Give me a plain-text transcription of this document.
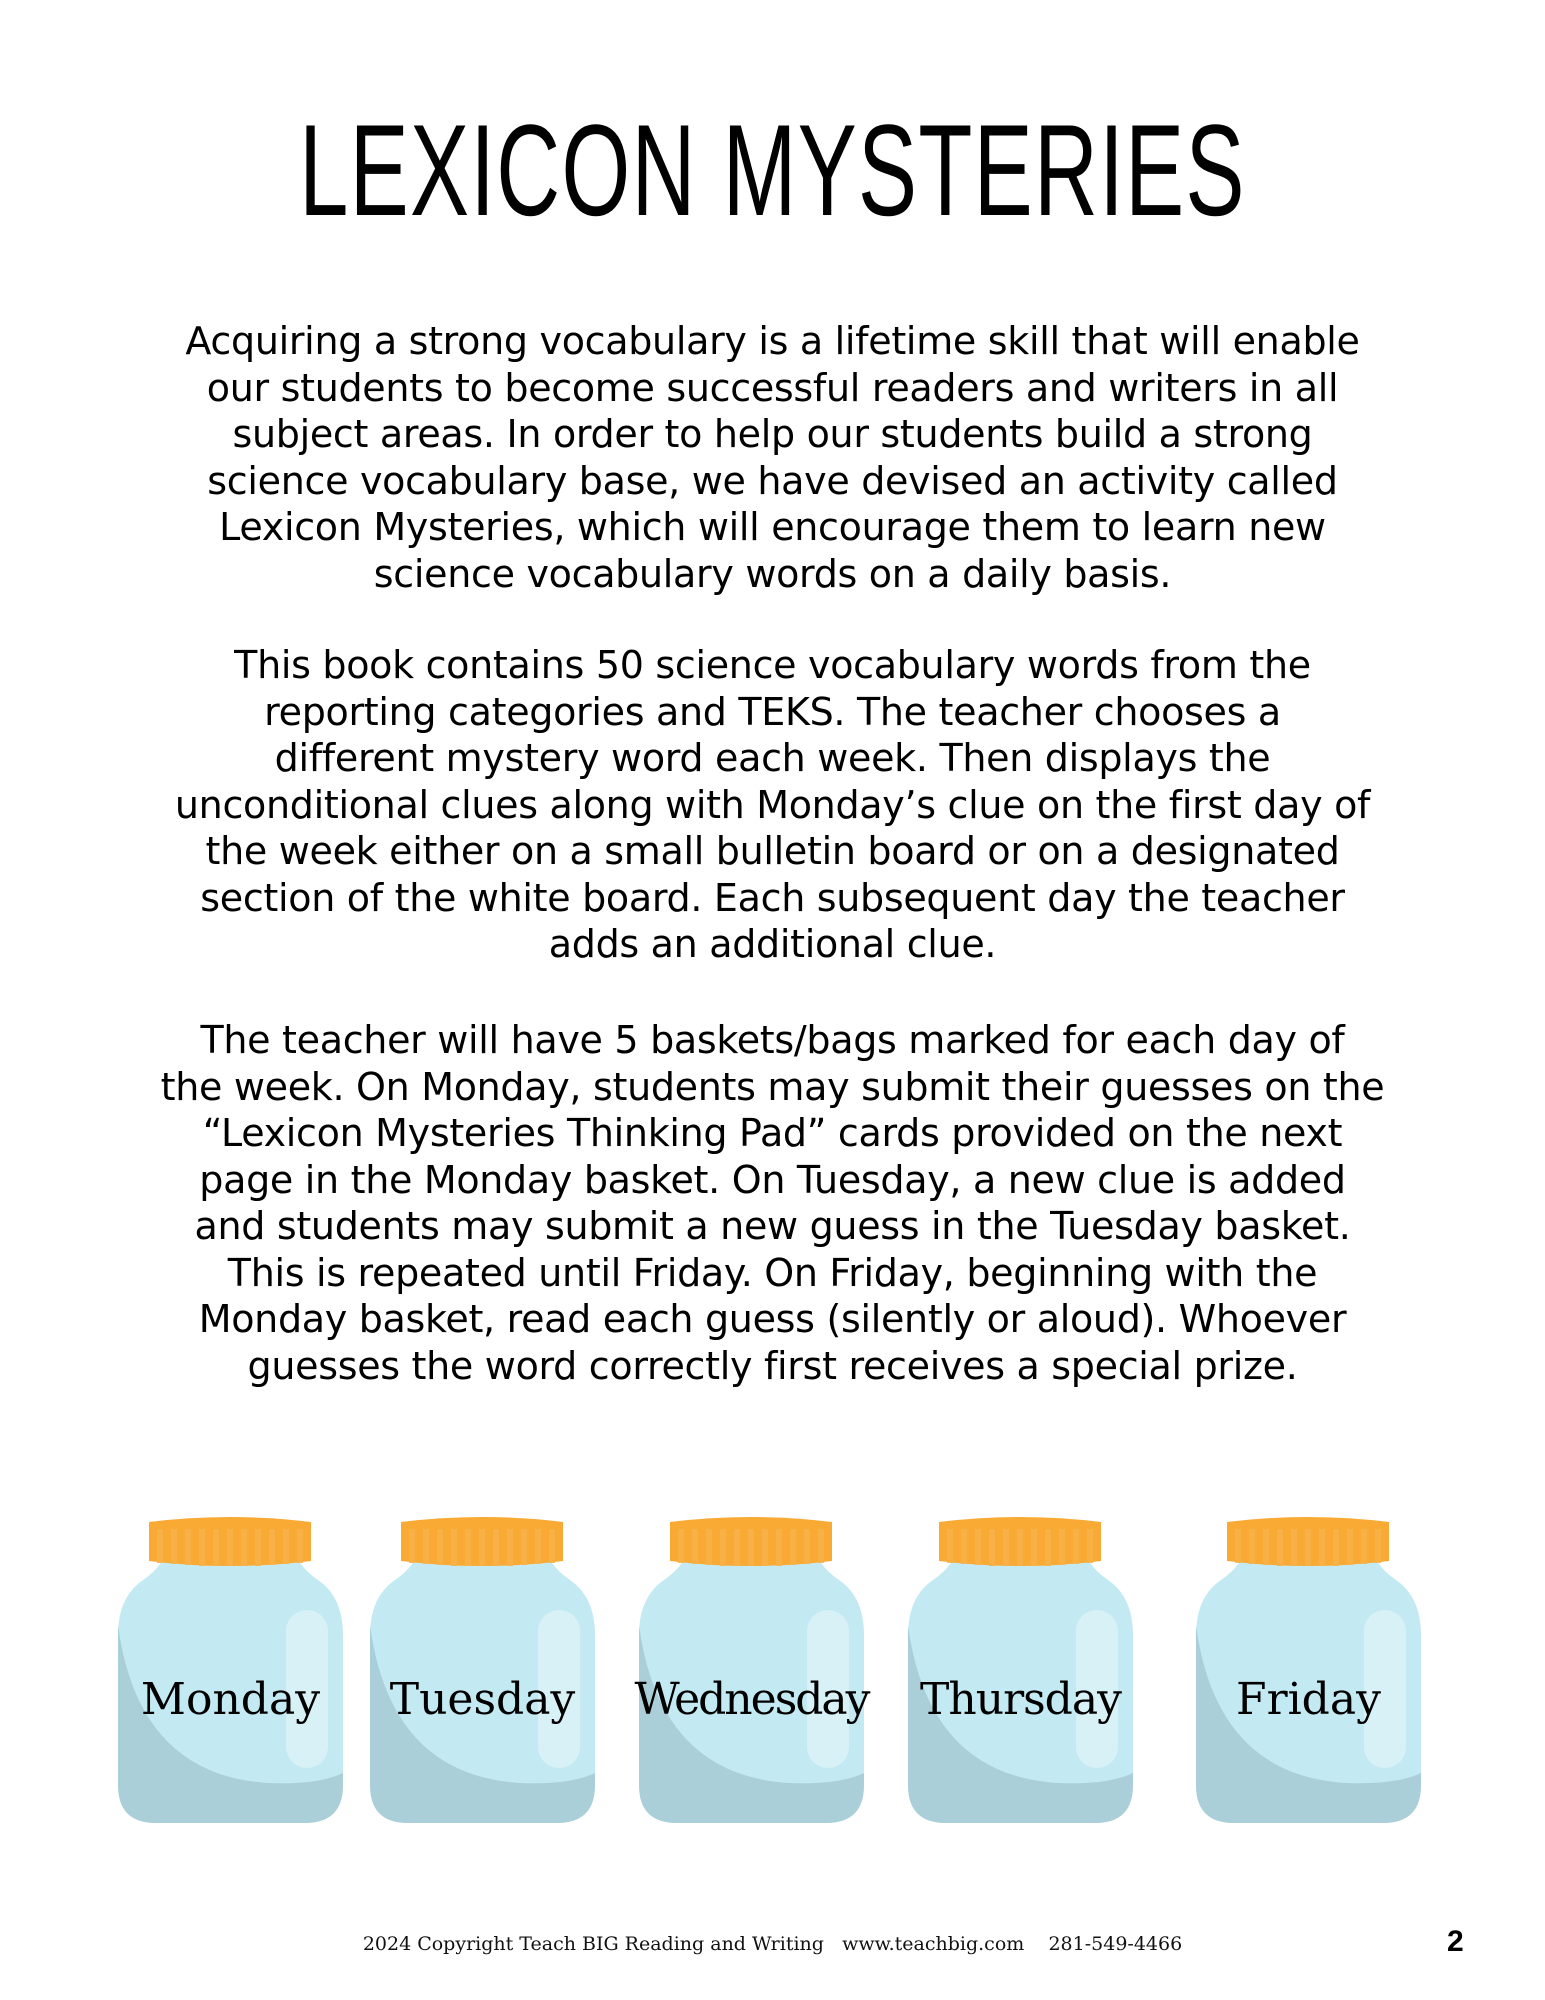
LEXICON MYSTERIES
Acquiring a strong vocabulary is a lifetime skill that will enable
our students to become successful readers and writers in all
subject areas. In order to help our students build a strong
science vocabulary base, we have devised an activity called
Lexicon Mysteries, which will encourage them to learn new
science vocabulary words on a daily basis.
This book contains 50 science vocabulary words from the
reporting categories and TEKS. The teacher chooses a
different mystery word each week. Then displays the
unconditional clues along with Monday’s clue on the first day of
the week either on a small bulletin board or on a designated
section of the white board. Each subsequent day the teacher
adds an additional clue.
The teacher will have 5 baskets/bags marked for each day of
the week. On Monday, students may submit their guesses on the
“Lexicon Mysteries Thinking Pad” cards provided on the next
page in the Monday basket. On Tuesday, a new clue is added
and students may submit a new guess in the Tuesday basket.
This is repeated until Friday. On Friday, beginning with the
Monday basket, read each guess (silently or aloud). Whoever
guesses the word correctly first receives a special prize.
Monday	Tuesday	Wednesday	Thursday	Friday
2024 Copyright Teach BIG Reading and Writing www.teachbig.com 281-549-4466	2
